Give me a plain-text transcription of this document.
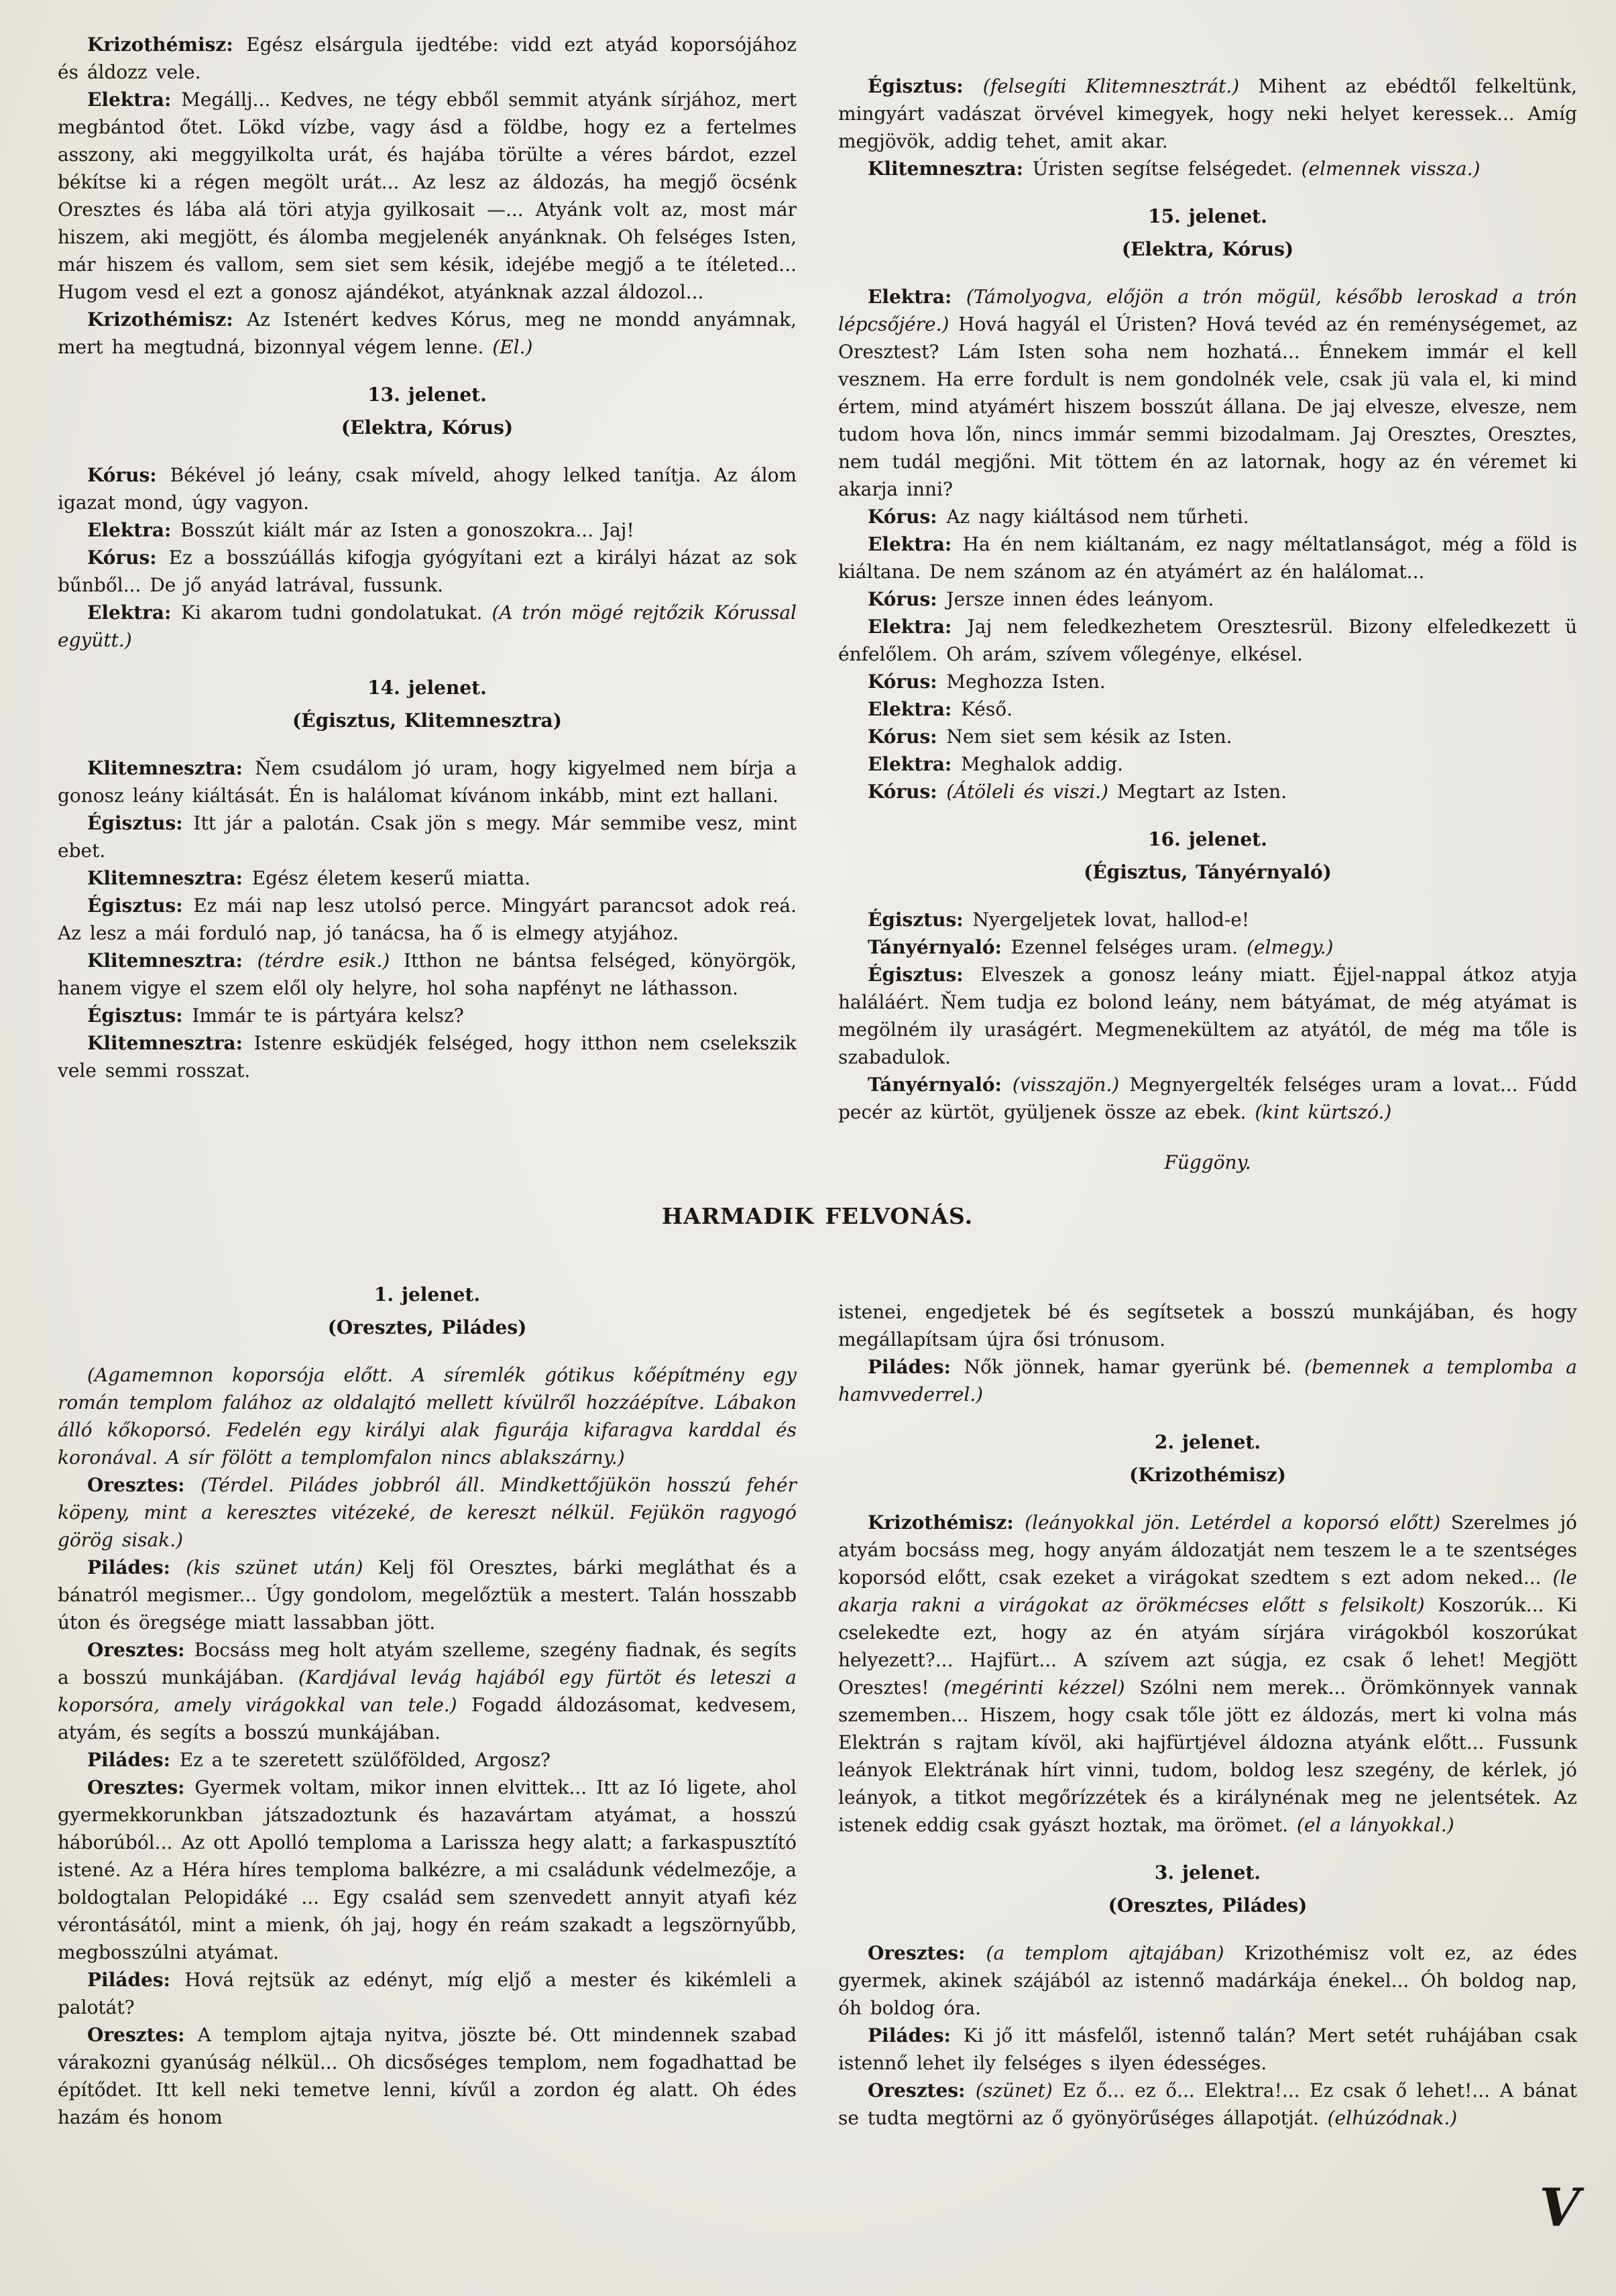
Krizothémisz: Egész elsárgula ijedtébe: vidd ezt atyád koporsójához és áldozz vele.

Elektra: Megállj... Kedves, ne tégy ebből semmit atyánk sírjához, mert megbántod őtet. Lökd vízbe, vagy ásd a földbe, hogy ez a fertelmes asszony, aki meggyilkolta urát, és hajába törülte a véres bárdot, ezzel békítse ki a régen megölt urát... Az lesz az áldozás, ha megjő öcsénk Oresztes és lába alá töri atyja gyilkosait —... Atyánk volt az, most már hiszem, aki megjött, és álomba megjelenék anyánknak. Oh felséges Isten, már hiszem és vallom, sem siet sem késik, idejébe megjő a te ítéleted... Hugom vesd el ezt a gonosz ajándékot, atyánknak azzal áldozol...

Krizothémisz: Az Istenért kedves Kórus, meg ne mondd anyámnak, mert ha megtudná, bizonnyal végem lenne. (El.)

13. jelenet.

(Elektra, Kórus)

Kórus: Békével jó leány, csak míveld, ahogy lelked tanítja. Az álom igazat mond, úgy vagyon.

Elektra: Bosszút kiált már az Isten a gonoszokra... Jaj!

Kórus: Ez a bosszúállás kifogja gyógyítani ezt a királyi házat az sok bűnből... De jő anyád latrával, fussunk.

Elektra: Ki akarom tudni gondolatukat. (A trón mögé rejtőzik Kórussal együtt.)

14. jelenet.

(Égisztus, Klitemnesztra)

Klitemnesztra: Ňem csudálom jó uram, hogy kigyelmed nem bírja a gonosz leány kiáltását. Én is halálomat kívánom inkább, mint ezt hallani.

Égisztus: Itt jár a palotán. Csak jön s megy. Már semmibe vesz, mint ebet.

Klitemnesztra: Egész életem keserű miatta.

Égisztus: Ez mái nap lesz utolsó perce. Mingyárt parancsot adok reá. Az lesz a mái forduló nap, jó tanácsa, ha ő is elmegy atyjához.

Klitemnesztra: (térdre esik.) Itthon ne bántsa felséged, könyörgök, hanem vigye el szem elől oly helyre, hol soha napfényt ne láthasson.

Égisztus: Immár te is pártyára kelsz?

Klitemnesztra: Istenre esküdjék felséged, hogy itthon nem cselekszik vele semmi rosszat.

Égisztus: (felsegíti Klitemnesztrát.) Mihent az ebédtől felkeltünk, mingyárt vadászat örvével kimegyek, hogy neki helyet keressek... Amíg megjövök, addig tehet, amit akar.

Klitemnesztra: Úristen segítse felségedet. (elmennek vissza.)

15. jelenet.

(Elektra, Kórus)

Elektra: (Támolyogva, előjön a trón mögül, később leroskad a trón lépcsőjére.) Hová hagyál el Úristen? Hová tevéd az én reménységemet, az Oresztest? Lám Isten soha nem hozhatá... Énnekem immár el kell vesznem. Ha erre fordult is nem gondolnék vele, csak jü vala el, ki mind értem, mind atyámért hiszem bosszút állana. De jaj elvesze, elvesze, nem tudom hova lőn, nincs immár semmi bizodalmam. Jaj Oresztes, Oresztes, nem tudál megjőni. Mit töttem én az latornak, hogy az én véremet ki akarja inni?

Kórus: Az nagy kiáltásod nem tűrheti.

Elektra: Ha én nem kiáltanám, ez nagy méltatlanságot, még a föld is kiáltana. De nem szánom az én atyámért az én halálomat...

Kórus: Jersze innen édes leányom.

Elektra: Jaj nem feledkezhetem Oresztesrül. Bizony elfeledkezett ü énfelőlem. Oh arám, szívem vőlegénye, elkésel.

Kórus: Meghozza Isten.

Elektra: Késő.

Kórus: Nem siet sem késik az Isten.

Elektra: Meghalok addig.

Kórus: (Átöleli és viszi.) Megtart az Isten.

16. jelenet.

(Égisztus, Tányérnyaló)

Égisztus: Nyergeljetek lovat, hallod-e!

Tányérnyaló: Ezennel felséges uram. (elmegy.)

Égisztus: Elveszek a gonosz leány miatt. Éjjel-nappal átkoz atyja haláláért. Ňem tudja ez bolond leány, nem bátyámat, de még atyámat is megölném ily uraságért. Megmenekültem az atyától, de még ma tőle is szabadulok.

Tányérnyaló: (visszajön.) Megnyergelték felséges uram a lovat... Fúdd pecér az kürtöt, gyüljenek össze az ebek. (kint kürtszó.)

Függöny.

HARMADIK FELVONÁS.

1. jelenet.

(Oresztes, Piládes)

(Agamemnon koporsója előtt. A síremlék gótikus kőépítmény egy román templom falához az oldalajtó mellett kívülről hozzáépítve. Lábakon álló kőkoporsó. Fedelén egy királyi alak figurája kifaragva karddal és koronával. A sír fölött a templomfalon nincs ablakszárny.)

Oresztes: (Térdel. Piládes jobbról áll. Mindkettőjükön hosszú fehér köpeny, mint a keresztes vitézeké, de kereszt nélkül. Fejükön ragyogó görög sisak.)

Piládes: (kis szünet után) Kelj föl Oresztes, bárki megláthat és a bánatról megismer... Úgy gondolom, megelőztük a mestert. Talán hosszabb úton és öregsége miatt lassabban jött.

Oresztes: Bocsáss meg holt atyám szelleme, szegény fiadnak, és segíts a bosszú munkájában. (Kardjával levág hajából egy fürtöt és leteszi a koporsóra, amely virágokkal van tele.) Fogadd áldozásomat, kedvesem, atyám, és segíts a bosszú munkájában.

Piládes: Ez a te szeretett szülőfölded, Argosz?

Oresztes: Gyermek voltam, mikor innen elvittek... Itt az Ió ligete, ahol gyermekkorunkban játszadoztunk és hazavártam atyámat, a hosszú háborúból... Az ott Apolló temploma a Larissza hegy alatt; a farkaspusztító istené. Az a Héra híres temploma balkézre, a mi családunk védelmezője, a boldogtalan Pelopidáké ... Egy család sem szenvedett annyit atyafi kéz vérontásától, mint a mienk, óh jaj, hogy én reám szakadt a legszörnyűbb, megbosszúlni atyámat.

Piládes: Hová rejtsük az edényt, míg eljő a mester és kikémleli a palotát?

Oresztes: A templom ajtaja nyitva, jöszte bé. Ott mindennek szabad várakozni gyanúság nélkül... Oh dicsőséges templom, nem fogadhattad be építődet. Itt kell neki temetve lenni, kívűl a zordon ég alatt. Oh édes hazám és honom

istenei, engedjetek bé és segítsetek a bosszú munkájában, és hogy megállapítsam újra ősi trónusom.

Piládes: Nők jönnek, hamar gyerünk bé. (bemennek a templomba a hamvvederrel.)

2. jelenet.

(Krizothémisz)

Krizothémisz: (leányokkal jön. Letérdel a koporsó előtt) Szerelmes jó atyám bocsáss meg, hogy anyám áldozatját nem teszem le a te szentséges koporsód előtt, csak ezeket a virágokat szedtem s ezt adom neked... (le akarja rakni a virágokat az örökmécses előtt s felsikolt) Koszorúk... Ki cselekedte ezt, hogy az én atyám sírjára virágokból koszorúkat helyezett?... Hajfürt... A szívem azt súgja, ez csak ő lehet! Megjött Oresztes! (megérinti kézzel) Szólni nem merek... Örömkönnyek vannak szememben... Hiszem, hogy csak tőle jött ez áldozás, mert ki volna más Elektrán s rajtam kívöl, aki hajfürtjével áldozna atyánk előtt... Fussunk leányok Elektrának hírt vinni, tudom, boldog lesz szegény, de kérlek, jó leányok, a titkot megőrízzétek és a királynénak meg ne jelentsétek. Az istenek eddig csak gyászt hoztak, ma örömet. (el a lányokkal.)

3. jelenet.

(Oresztes, Piládes)

Oresztes: (a templom ajtajában) Krizothémisz volt ez, az édes gyermek, akinek szájából az istennő madárkája énekel... Óh boldog nap, óh boldog óra.

Piládes: Ki jő itt másfelől, istennő talán? Mert setét ruhájában csak istennő lehet ily felséges s ilyen édességes.

Oresztes: (szünet) Ez ő... ez ő... Elektra!... Ez csak ő lehet!... A bánat se tudta megtörni az ő gyönyörűséges állapotját. (elhúzódnak.)

V
